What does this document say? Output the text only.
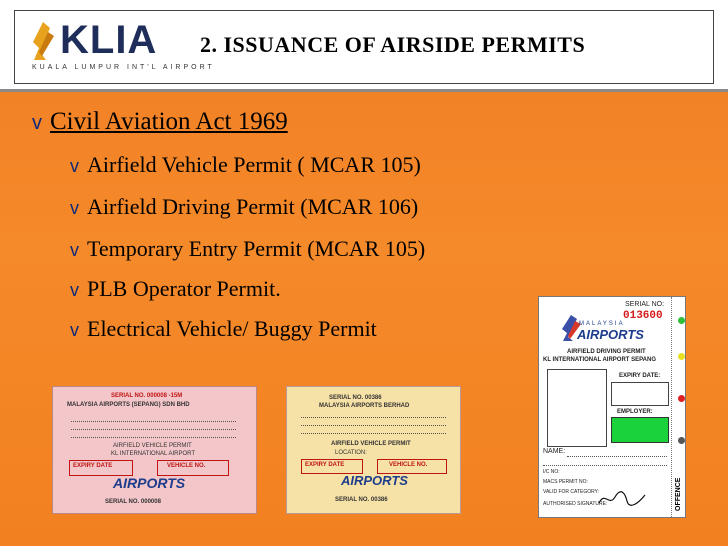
KLIA
KUALA LUMPUR INT'L AIRPORT
2. ISSUANCE OF AIRSIDE PERMITS
v Civil Aviation Act 1969
v Airfield Vehicle Permit ( MCAR 105)
v Airfield Driving Permit (MCAR 106)
v Temporary Entry Permit (MCAR 105)
v PLB Operator Permit.
v Electrical Vehicle/ Buggy Permit
SERIAL NO. 000008 -15M
MALAYSIA AIRPORTS (SEPANG) SDN BHD
AIRFIELD VEHICLE PERMIT
KL INTERNATIONAL AIRPORT
EXPIRY DATE	VEHICLE NO.
AIRPORTS
SERIAL NO. 000008
SERIAL NO. 00386
MALAYSIA AIRPORTS BERHAD
AIRFIELD VEHICLE PERMIT
LOCATION:
EXPIRY DATE	VEHICLE NO.
AIRPORTS
SERIAL NO. 00386
SERIAL NO:
013600
MALAYSIA
AIRPORTS
AIRFIELD DRIVING PERMIT
KL INTERNATIONAL AIRPORT SEPANG
EXPIRY DATE:
EMPLOYER:
NAME:
I/C NO:
MACS PERMIT NO:
VALID FOR CATEGORY:
AUTHORISED SIGNATURE:	OFFENCE
